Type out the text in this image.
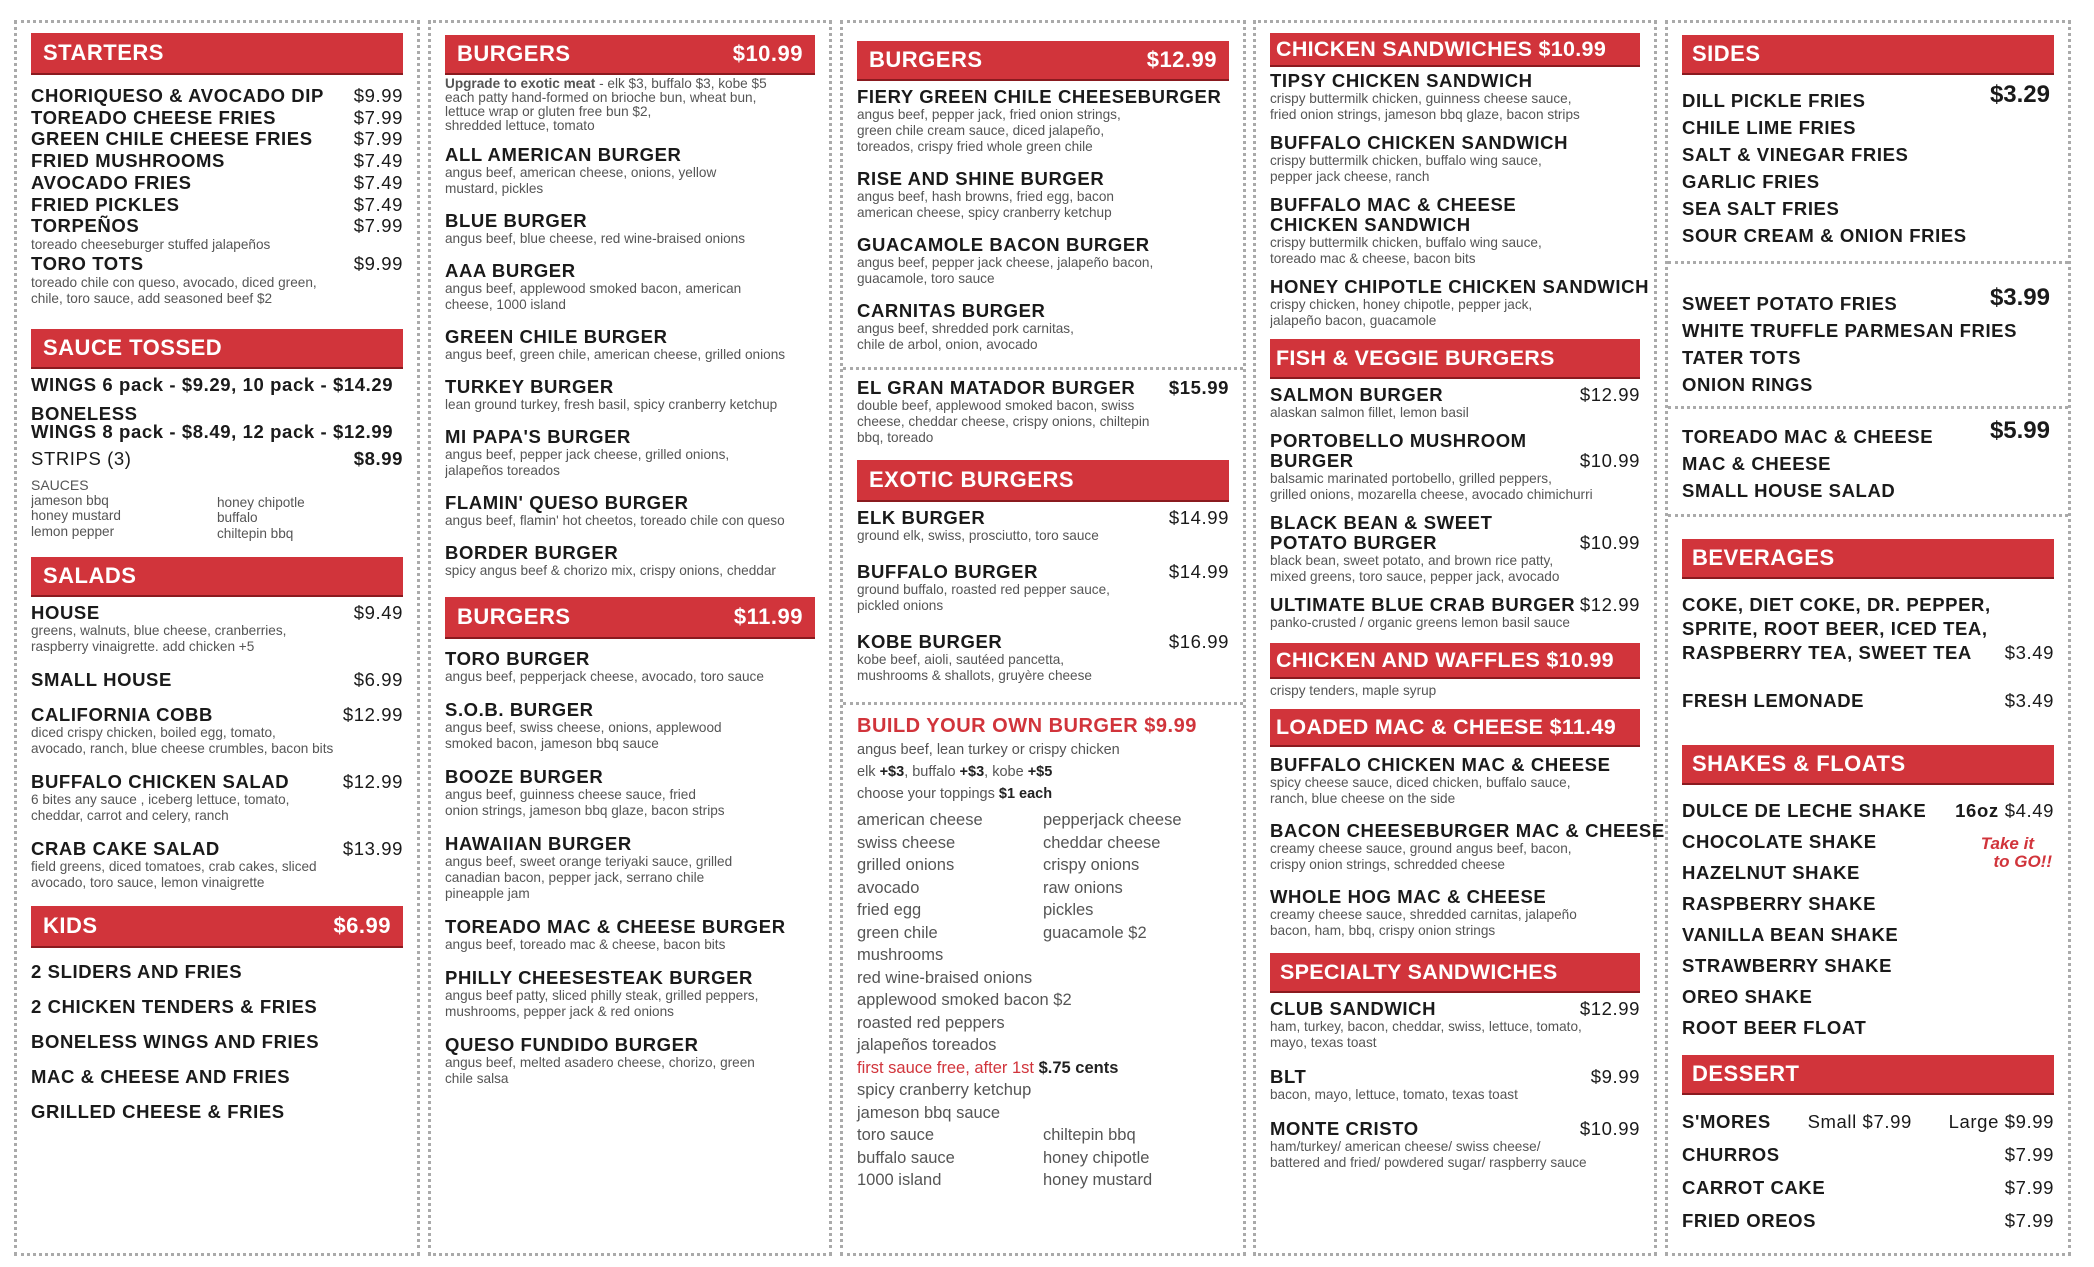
STARTERS
CHORIQUESO & AVOCADO DIP $9.99
TOREADO CHEESE FRIES	$7.99
GREEN CHILE CHEESE FRIES $7.99
FRIED MUSHROOMS	$7.49
AVOCADO FRIES	$7.49
FRIED PICKLES	$7.49
TORPEÑOS	$7.99
toreado cheeseburger stuffed jalapeños
TORO TOTS	$9.99
toreado chile con queso, avocado, diced green,
chile, toro sauce, add seasoned beef $2
SAUCE TOSSED
WINGS 6 pack - $9.29, 10 pack - $14.29
BONELESS
WINGS 8 pack - $8.49, 12 pack - $12.99
STRIPS (3)	$8.99
SAUCES
jameson bbq
honey mustard
lemon pepper
honey chipotle
buffalo
chiltepin bbq
SALADS
HOUSE	$9.49
greens, walnuts, blue cheese, cranberries,
raspberry vinaigrette. add chicken +5
SMALL HOUSE	$6.99
CALIFORNIA COBB	$12.99
diced crispy chicken, boiled egg, tomato,
avocado, ranch, blue cheese crumbles, bacon bits
BUFFALO CHICKEN SALAD	$12.99
6 bites any sauce , iceberg lettuce, tomato,
cheddar, carrot and celery, ranch
CRAB CAKE SALAD	$13.99
field greens, diced tomatoes, crab cakes, sliced
avocado, toro sauce, lemon vinaigrette
KIDS	$6.99
2 SLIDERS AND FRIES
2 CHICKEN TENDERS & FRIES
BONELESS WINGS AND FRIES
MAC & CHEESE AND FRIES
GRILLED CHEESE & FRIES
BURGERS	$10.99
Upgrade to exotic meat - elk $3, buffalo $3, kobe $5
each patty hand-formed on brioche bun, wheat bun,
lettuce wrap or gluten free bun $2,
shredded lettuce, tomato
ALL AMERICAN BURGER
angus beef, american cheese, onions, yellow
mustard, pickles
BLUE BURGER
angus beef, blue cheese, red wine-braised onions
AAA BURGER
angus beef, applewood smoked bacon, american
cheese, 1000 island
GREEN CHILE BURGER
angus beef, green chile, american cheese, grilled onions
TURKEY BURGER
lean ground turkey, fresh basil, spicy cranberry ketchup
MI PAPA'S BURGER
angus beef, pepper jack cheese, grilled onions,
jalapeños toreados
FLAMIN' QUESO BURGER
angus beef, flamin' hot cheetos, toreado chile con queso
BORDER BURGER
spicy angus beef & chorizo mix, crispy onions, cheddar
BURGERS	$11.99
TORO BURGER
angus beef, pepperjack cheese, avocado, toro sauce
S.O.B. BURGER
angus beef, swiss cheese, onions, applewood
smoked bacon, jameson bbq sauce
BOOZE BURGER
angus beef, guinness cheese sauce, fried
onion strings, jameson bbq glaze, bacon strips
HAWAIIAN BURGER
angus beef, sweet orange teriyaki sauce, grilled
canadian bacon, pepper jack, serrano chile
pineapple jam
TOREADO MAC & CHEESE BURGER
angus beef, toreado mac & cheese, bacon bits
PHILLY CHEESESTEAK BURGER
angus beef patty, sliced philly steak, grilled peppers,
mushrooms, pepper jack & red onions
QUESO FUNDIDO BURGER
angus beef, melted asadero cheese, chorizo, green
chile salsa
BURGERS	$12.99
FIERY GREEN CHILE CHEESEBURGER
angus beef, pepper jack, fried onion strings,
green chile cream sauce, diced jalapeño,
toreados, crispy fried whole green chile
RISE AND SHINE BURGER
angus beef, hash browns, fried egg, bacon
american cheese, spicy cranberry ketchup
GUACAMOLE BACON BURGER
angus beef, pepper jack cheese, jalapeño bacon,
guacamole, toro sauce
CARNITAS BURGER
angus beef, shredded pork carnitas,
chile de arbol, onion, avocado
EL GRAN MATADOR BURGER $15.99
double beef, applewood smoked bacon, swiss
cheese, cheddar cheese, crispy onions, chiltepin
bbq, toreado
EXOTIC BURGERS
ELK BURGER	$14.99
ground elk, swiss, prosciutto, toro sauce
BUFFALO BURGER	$14.99
ground buffalo, roasted red pepper sauce,
pickled onions
KOBE BURGER	$16.99
kobe beef, aioli, sautéed pancetta,
mushrooms & shallots, gruyère cheese
BUILD YOUR OWN BURGER $9.99
angus beef, lean turkey or crispy chicken
elk +$3, buffalo +$3, kobe +$5
choose your toppings $1 each
american cheese
swiss cheese
grilled onions
avocado
fried egg
green chile
mushrooms
pepperjack cheese
cheddar cheese
crispy onions
raw onions
pickles
guacamole $2
red wine-braised onions
applewood smoked bacon $2
roasted red peppers
jalapeños toreados
first sauce free, after 1st $.75 cents
spicy cranberry ketchup
jameson bbq sauce
toro sauce
buffalo sauce
1000 island
chiltepin bbq
honey chipotle
honey mustard
CHICKEN SANDWICHES $10.99
TIPSY CHICKEN SANDWICH
crispy buttermilk chicken, guinness cheese sauce,
fried onion strings, jameson bbq glaze, bacon strips
BUFFALO CHICKEN SANDWICH
crispy buttermilk chicken, buffalo wing sauce,
pepper jack cheese, ranch
BUFFALO MAC & CHEESE
CHICKEN SANDWICH
crispy buttermilk chicken, buffalo wing sauce,
toreado mac & cheese, bacon bits
HONEY CHIPOTLE CHICKEN SANDWICH
crispy chicken, honey chipotle, pepper jack,
jalapeño bacon, guacamole
FISH & VEGGIE BURGERS
SALMON BURGER	$12.99
alaskan salmon fillet, lemon basil
PORTOBELLO MUSHROOM
BURGER	$10.99
balsamic marinated portobello, grilled peppers,
grilled onions, mozarella cheese, avocado chimichurri
BLACK BEAN & SWEET
POTATO BURGER	$10.99
black bean, sweet potato, and brown rice patty,
mixed greens, toro sauce, pepper jack, avocado
ULTIMATE BLUE CRAB BURGER $12.99
panko-crusted / organic greens lemon basil sauce
CHICKEN AND WAFFLES $10.99
crispy tenders, maple syrup
LOADED MAC & CHEESE $11.49
BUFFALO CHICKEN MAC & CHEESE
spicy cheese sauce, diced chicken, buffalo sauce,
ranch, blue cheese on the side
BACON CHEESEBURGER MAC & CHEESE
creamy cheese sauce, ground angus beef, bacon,
crispy onion strings, schredded cheese
WHOLE HOG MAC & CHEESE
creamy cheese sauce, shredded carnitas, jalapeño
bacon, ham, bbq, crispy onion strings
SPECIALTY SANDWICHES
CLUB SANDWICH	$12.99
ham, turkey, bacon, cheddar, swiss, lettuce, tomato,
mayo, texas toast
BLT	$9.99
bacon, mayo, lettuce, tomato, texas toast
MONTE CRISTO	$10.99
ham/turkey/ american cheese/ swiss cheese/
battered and fried/ powdered sugar/ raspberry sauce
SIDES
$3.29
DILL PICKLE FRIES
CHILE LIME FRIES
SALT & VINEGAR FRIES
GARLIC FRIES
SEA SALT FRIES
SOUR CREAM & ONION FRIES
$3.99
SWEET POTATO FRIES
WHITE TRUFFLE PARMESAN FRIES
TATER TOTS
ONION RINGS
$5.99
TOREADO MAC & CHEESE
MAC & CHEESE
SMALL HOUSE SALAD
BEVERAGES
COKE, DIET COKE, DR. PEPPER,
SPRITE, ROOT BEER, ICED TEA,
RASPBERRY TEA, SWEET TEA $3.49
FRESH LEMONADE	$3.49
SHAKES & FLOATS
DULCE DE LECHE SHAKE 16oz $4.49
CHOCOLATE SHAKE
HAZELNUT SHAKE
RASPBERRY SHAKE
VANILLA BEAN SHAKE
STRAWBERRY SHAKE
OREO SHAKE
ROOT BEER FLOAT
Take it
to GO!!
DESSERT
S'MORES Small $7.99 Large $9.99
CHURROS	$7.99
CARROT CAKE	$7.99
FRIED OREOS	$7.99
